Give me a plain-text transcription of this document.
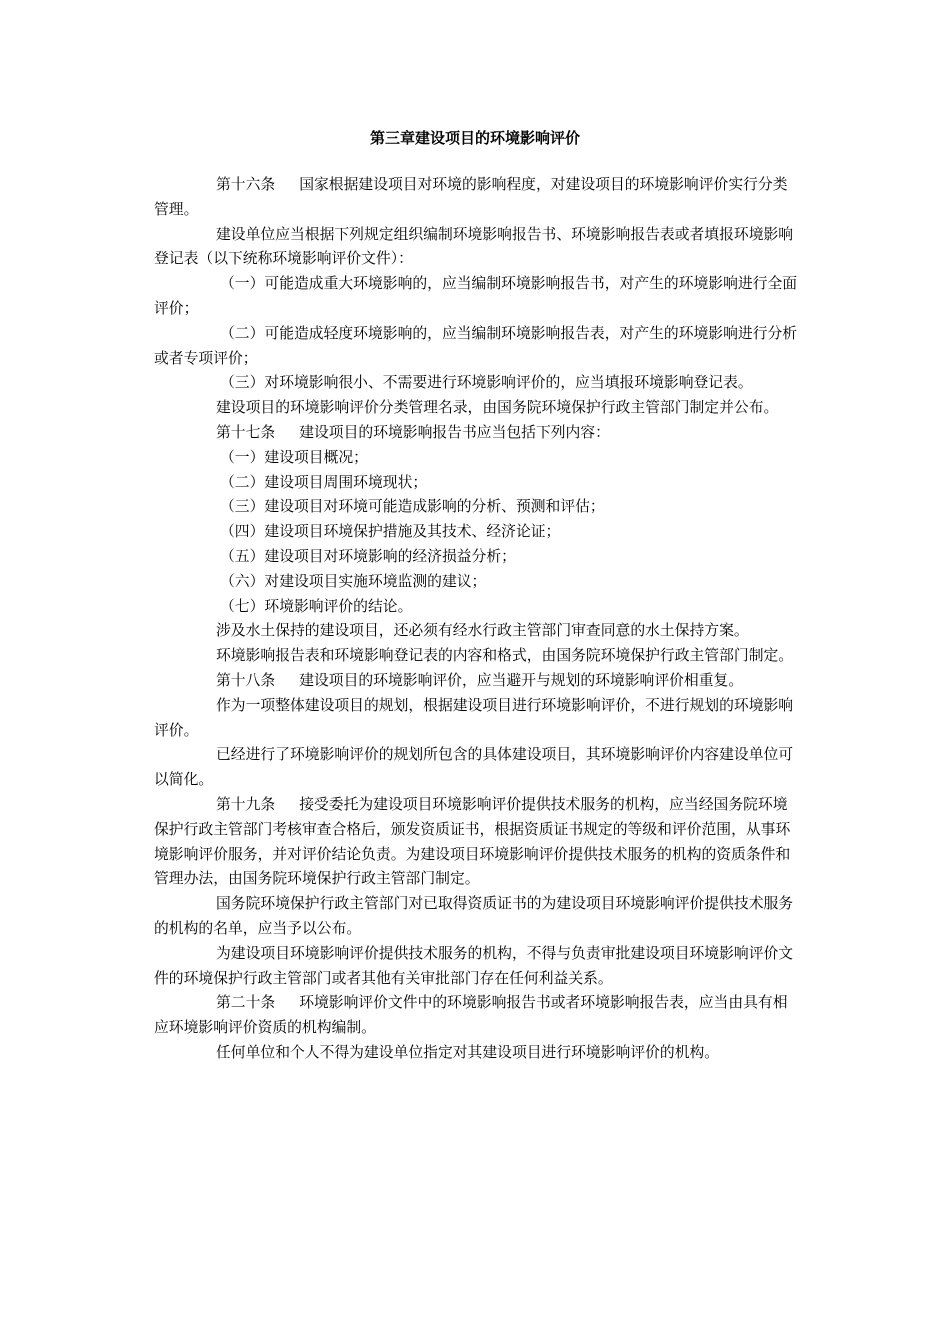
第三章建设项目的环境影响评价

第十六条 国家根据建设项目对环境的影响程度，对建设项目的环境影响评价实行分类管理。

建设单位应当根据下列规定组织编制环境影响报告书、环境影响报告表或者填报环境影响登记表（以下统称环境影响评价文件）：

（一）可能造成重大环境影响的，应当编制环境影响报告书，对产生的环境影响进行全面评价；

（二）可能造成轻度环境影响的，应当编制环境影响报告表，对产生的环境影响进行分析或者专项评价；

（三）对环境影响很小、不需要进行环境影响评价的，应当填报环境影响登记表。

建设项目的环境影响评价分类管理名录，由国务院环境保护行政主管部门制定并公布。

第十七条 建设项目的环境影响报告书应当包括下列内容：

（一）建设项目概况；

（二）建设项目周围环境现状；

（三）建设项目对环境可能造成影响的分析、预测和评估；

（四）建设项目环境保护措施及其技术、经济论证；

（五）建设项目对环境影响的经济损益分析；

（六）对建设项目实施环境监测的建议；

（七）环境影响评价的结论。

涉及水土保持的建设项目，还必须有经水行政主管部门审查同意的水土保持方案。

环境影响报告表和环境影响登记表的内容和格式，由国务院环境保护行政主管部门制定。

第十八条 建设项目的环境影响评价，应当避开与规划的环境影响评价相重复。

作为一项整体建设项目的规划，根据建设项目进行环境影响评价，不进行规划的环境影响评价。

已经进行了环境影响评价的规划所包含的具体建设项目，其环境影响评价内容建设单位可以简化。

第十九条 接受委托为建设项目环境影响评价提供技术服务的机构，应当经国务院环境保护行政主管部门考核审查合格后，颁发资质证书，根据资质证书规定的等级和评价范围，从事环境影响评价服务，并对评价结论负责。为建设项目环境影响评价提供技术服务的机构的资质条件和管理办法，由国务院环境保护行政主管部门制定。

国务院环境保护行政主管部门对已取得资质证书的为建设项目环境影响评价提供技术服务的机构的名单，应当予以公布。

为建设项目环境影响评价提供技术服务的机构，不得与负责审批建设项目环境影响评价文件的环境保护行政主管部门或者其他有关审批部门存在任何利益关系。

第二十条 环境影响评价文件中的环境影响报告书或者环境影响报告表，应当由具有相应环境影响评价资质的机构编制。

任何单位和个人不得为建设单位指定对其建设项目进行环境影响评价的机构。
